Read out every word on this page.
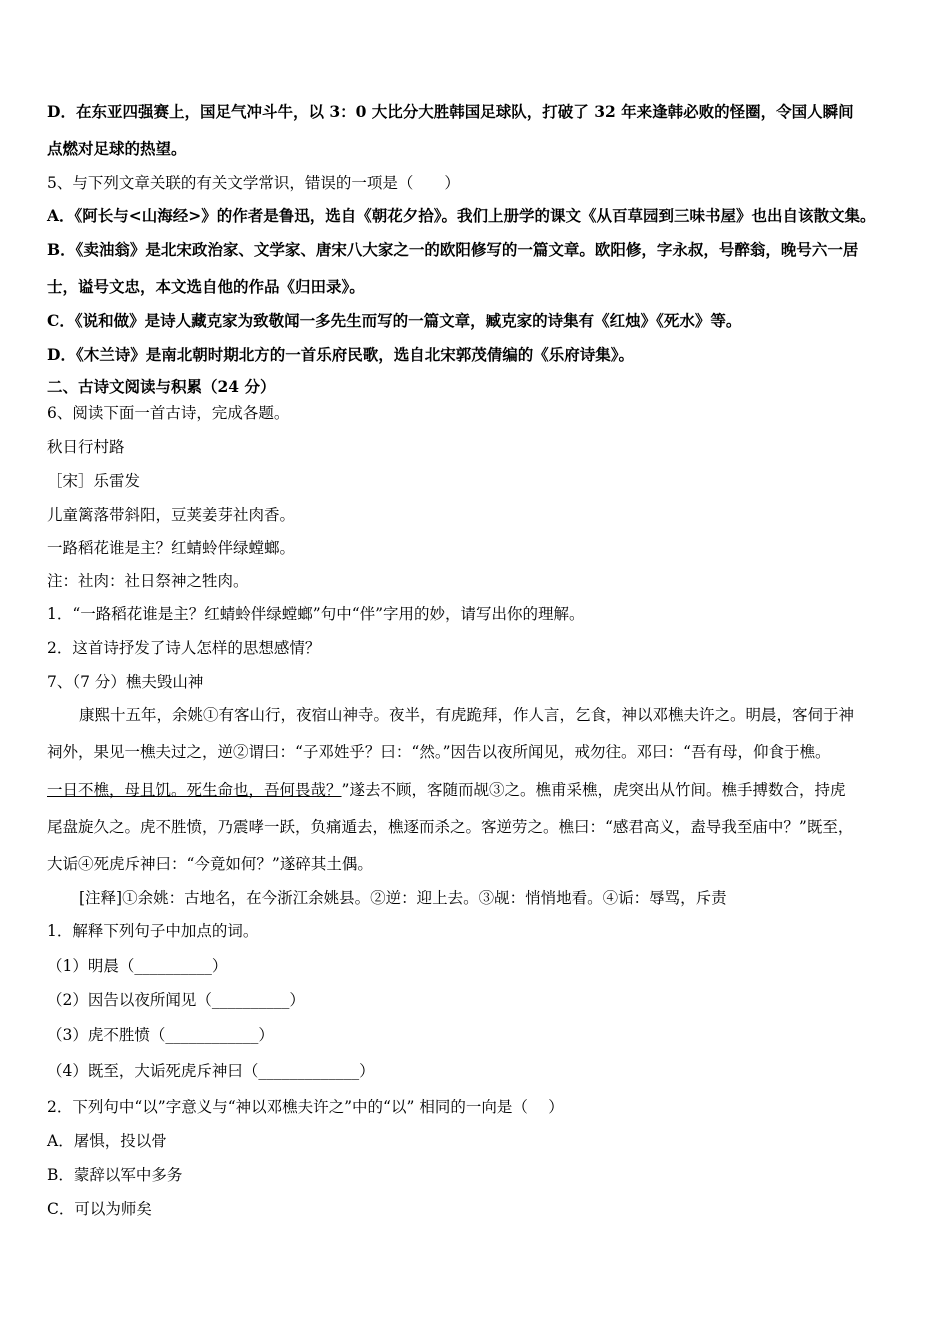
D．在东亚四强赛上，国足气冲斗牛，以 3：0 大比分大胜韩国足球队，打破了 32 年来逢韩必败的怪圈，令国人瞬间
点燃对足球的热望。
5、与下列文章关联的有关文学常识，错误的一项是（　　）
A．《阿长与<山海经>》的作者是鲁迅，选自《朝花夕拾》。我们上册学的课文《从百草园到三味书屋》也出自该散文集。
B．《卖油翁》是北宋政治家、文学家、唐宋八大家之一的欧阳修写的一篇文章。欧阳修，字永叔，号醉翁，晚号六一居
士，谥号文忠，本文选自他的作品《归田录》。
C．《说和做》是诗人藏克家为致敬闻一多先生而写的一篇文章，臧克家的诗集有《红烛》《死水》等。
D．《木兰诗》是南北朝时期北方的一首乐府民歌，选自北宋郭茂倩编的《乐府诗集》。
二、古诗文阅读与积累（24 分）
6、阅读下面一首古诗，完成各题。
秋日行村路
［宋］乐雷发
儿童篱落带斜阳，豆荚姜芽社肉香。
一路稻花谁是主？红蜻蛉伴绿螳螂。
注：社肉：社日祭神之牲肉。
1．“一路稻花谁是主？红蜻蛉伴绿螳螂”句中“伴”字用的妙，请写出你的理解。
2．这首诗抒发了诗人怎样的思想感情？
7、（7 分）樵夫毁山神
康熙十五年，余姚①有客山行，夜宿山神寺。夜半，有虎跪拜，作人言，乞食，神以邓樵夫许之。明晨，客伺于神
祠外，果见一樵夫过之，逆②谓曰：“子邓姓乎？曰：“然。”因告以夜所闻见，戒勿往。邓曰：“吾有母，仰食于樵。
一日不樵，母且饥。死生命也，吾何畏哉？”遂去不顾，客随而觇③之。樵甫采樵，虎突出从竹间。樵手搏数合，持虎
尾盘旋久之。虎不胜愤，乃震哮一跃，负痛遁去，樵逐而杀之。客逆劳之。樵曰：“感君高义，盍导我至庙中？”既至，
大诟④死虎斥神曰：“今竟如何？”遂碎其土偶。
[注释]①余姚：古地名，在今浙江余姚县。②逆：迎上去。③觇：悄悄地看。④诟：辱骂，斥责
1．解释下列句子中加点的词。
（1）明晨（__________）
（2）因告以夜所闻见（__________）
（3）虎不胜愤（____________）
（4）既至，大诟死虎斥神曰（_____________）
2．下列句中“以”字意义与“神以邓樵夫许之”中的“以” 相同的一向是（　 ）
A．屠惧，投以骨
B．蒙辞以军中多务
C．可以为师矣
